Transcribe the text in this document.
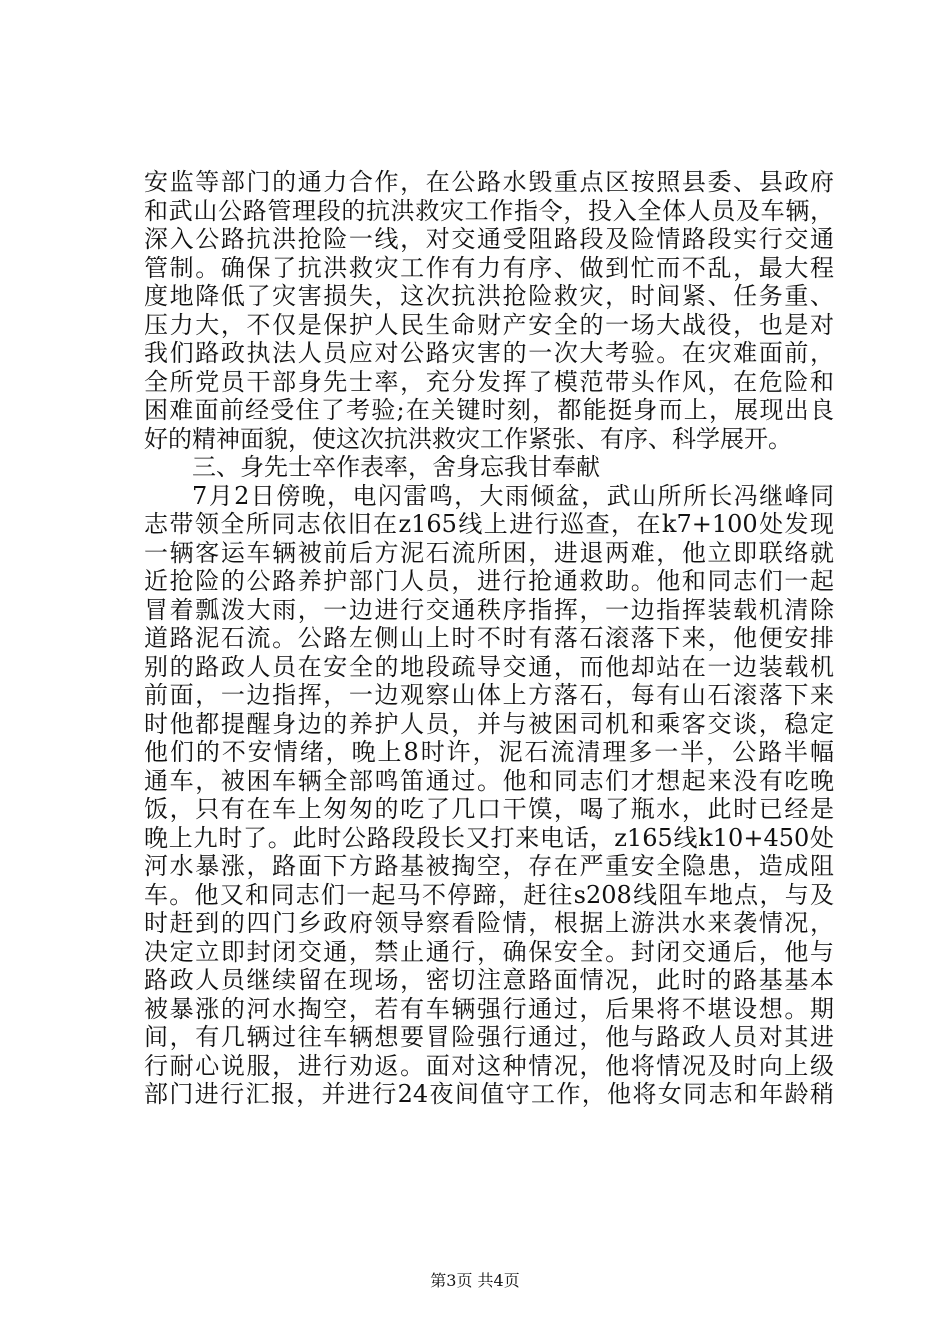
安监等部门的通力合作，在公路水毁重点区按照县委、县政府
和武山公路管理段的抗洪救灾工作指令，投入全体人员及车辆，
深入公路抗洪抢险一线，对交通受阻路段及险情路段实行交通
管制。确保了抗洪救灾工作有力有序、做到忙而不乱，最大程
度地降低了灾害损失，这次抗洪抢险救灾，时间紧、任务重、
压力大，不仅是保护人民生命财产安全的一场大战役，也是对
我们路政执法人员应对公路灾害的一次大考验。在灾难面前，
全所党员干部身先士率，充分发挥了模范带头作风，在危险和
困难面前经受住了考验;在关键时刻，都能挺身而上，展现出良
好的精神面貌，使这次抗洪救灾工作紧张、有序、科学展开。
三、身先士卒作表率，舍身忘我甘奉献
7月2日傍晚，电闪雷鸣，大雨倾盆，武山所所长冯继峰同
志带领全所同志依旧在z165线上进行巡查，在k7+100处发现
一辆客运车辆被前后方泥石流所困，进退两难，他立即联络就
近抢险的公路养护部门人员，进行抢通救助。他和同志们一起
冒着瓢泼大雨，一边进行交通秩序指挥，一边指挥装载机清除
道路泥石流。公路左侧山上时不时有落石滚落下来，他便安排
别的路政人员在安全的地段疏导交通，而他却站在一边装载机
前面，一边指挥，一边观察山体上方落石，每有山石滚落下来
时他都提醒身边的养护人员，并与被困司机和乘客交谈，稳定
他们的不安情绪，晚上8时许，泥石流清理多一半，公路半幅
通车，被困车辆全部鸣笛通过。他和同志们才想起来没有吃晚
饭，只有在车上匆匆的吃了几口干馍，喝了瓶水，此时已经是
晚上九时了。此时公路段段长又打来电话，z165线k10+450处
河水暴涨，路面下方路基被掏空，存在严重安全隐患，造成阻
车。他又和同志们一起马不停蹄，赶往s208线阻车地点，与及
时赶到的四门乡政府领导察看险情，根据上游洪水来袭情况，
决定立即封闭交通，禁止通行，确保安全。封闭交通后，他与
路政人员继续留在现场，密切注意路面情况，此时的路基基本
被暴涨的河水掏空，若有车辆强行通过，后果将不堪设想。期
间，有几辆过往车辆想要冒险强行通过，他与路政人员对其进
行耐心说服，进行劝返。面对这种情况，他将情况及时向上级
部门进行汇报，并进行24夜间值守工作，他将女同志和年龄稍
第3页 共4页
